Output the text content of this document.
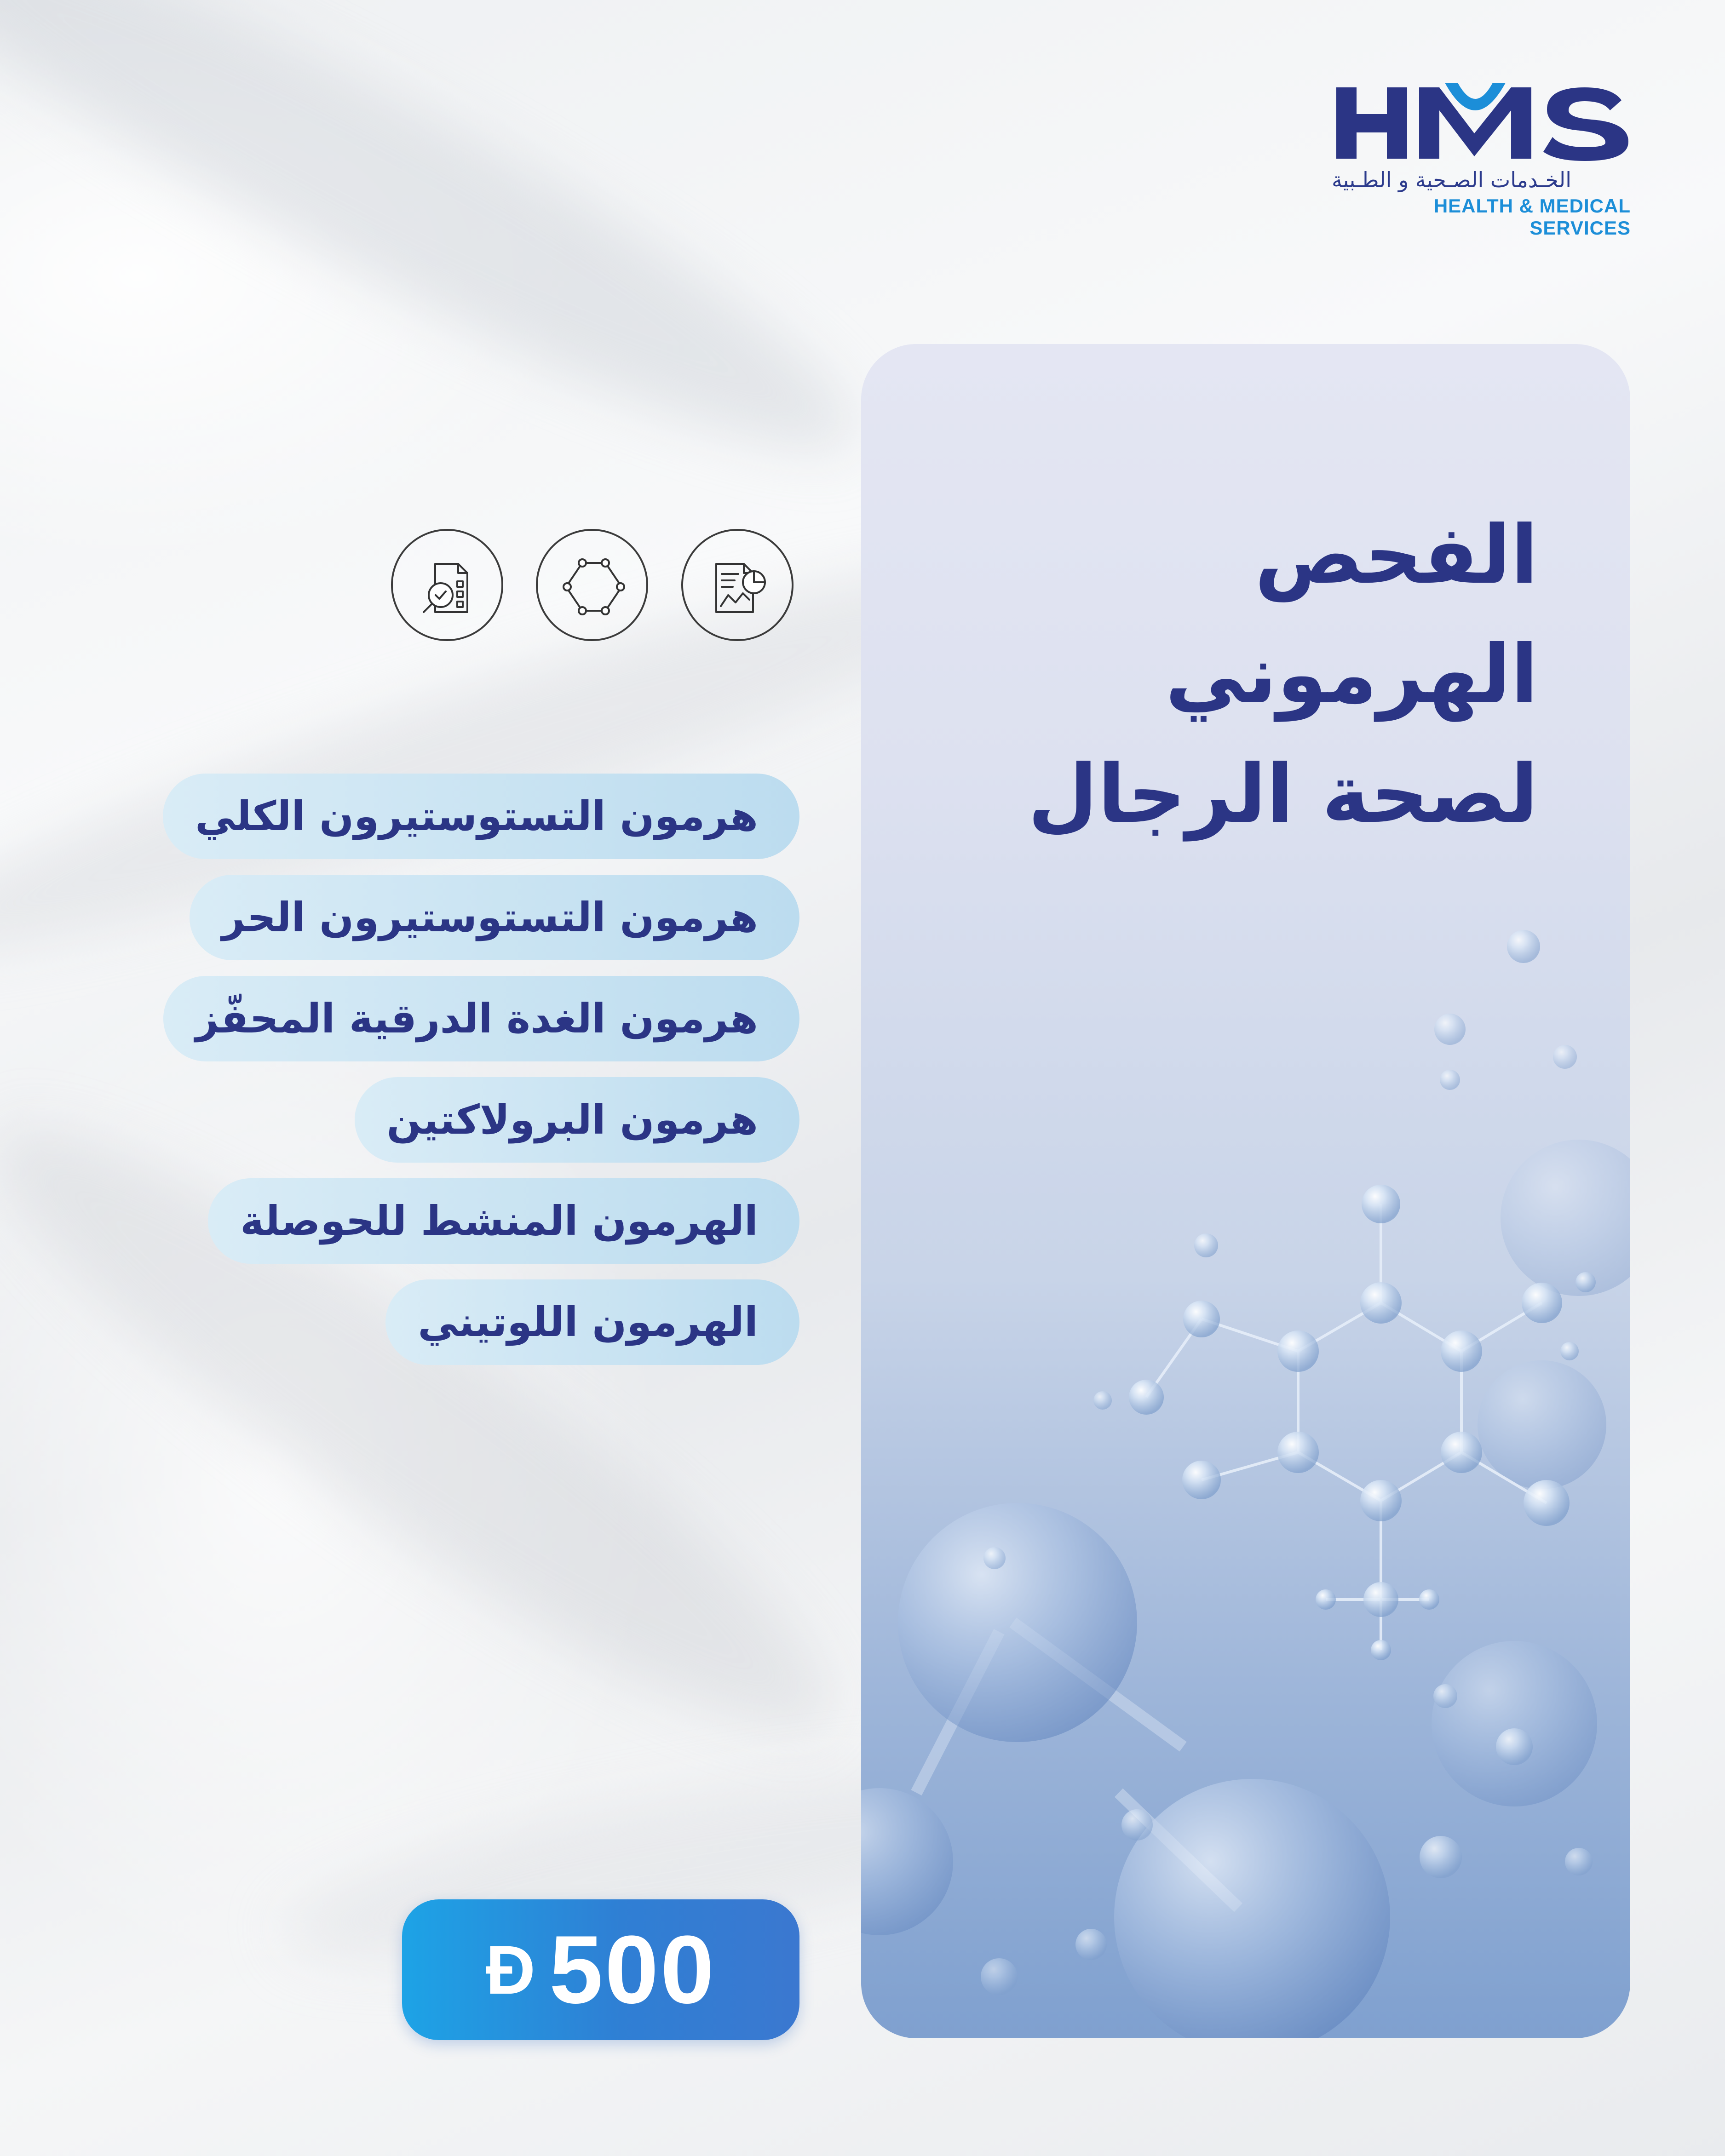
الخـدمات الصـحية و الطـبية
HEALTH & MEDICAL SERVICES
الفحص
الهرموني
لصحة الرجال
هرمون التستوستيرون الكلي
هرمون التستوستيرون الحر
هرمون الغدة الدرقية المحفّز
هرمون البرولاكتين
الهرمون المنشط للحوصلة
الهرمون اللوتيني
Đ 500
